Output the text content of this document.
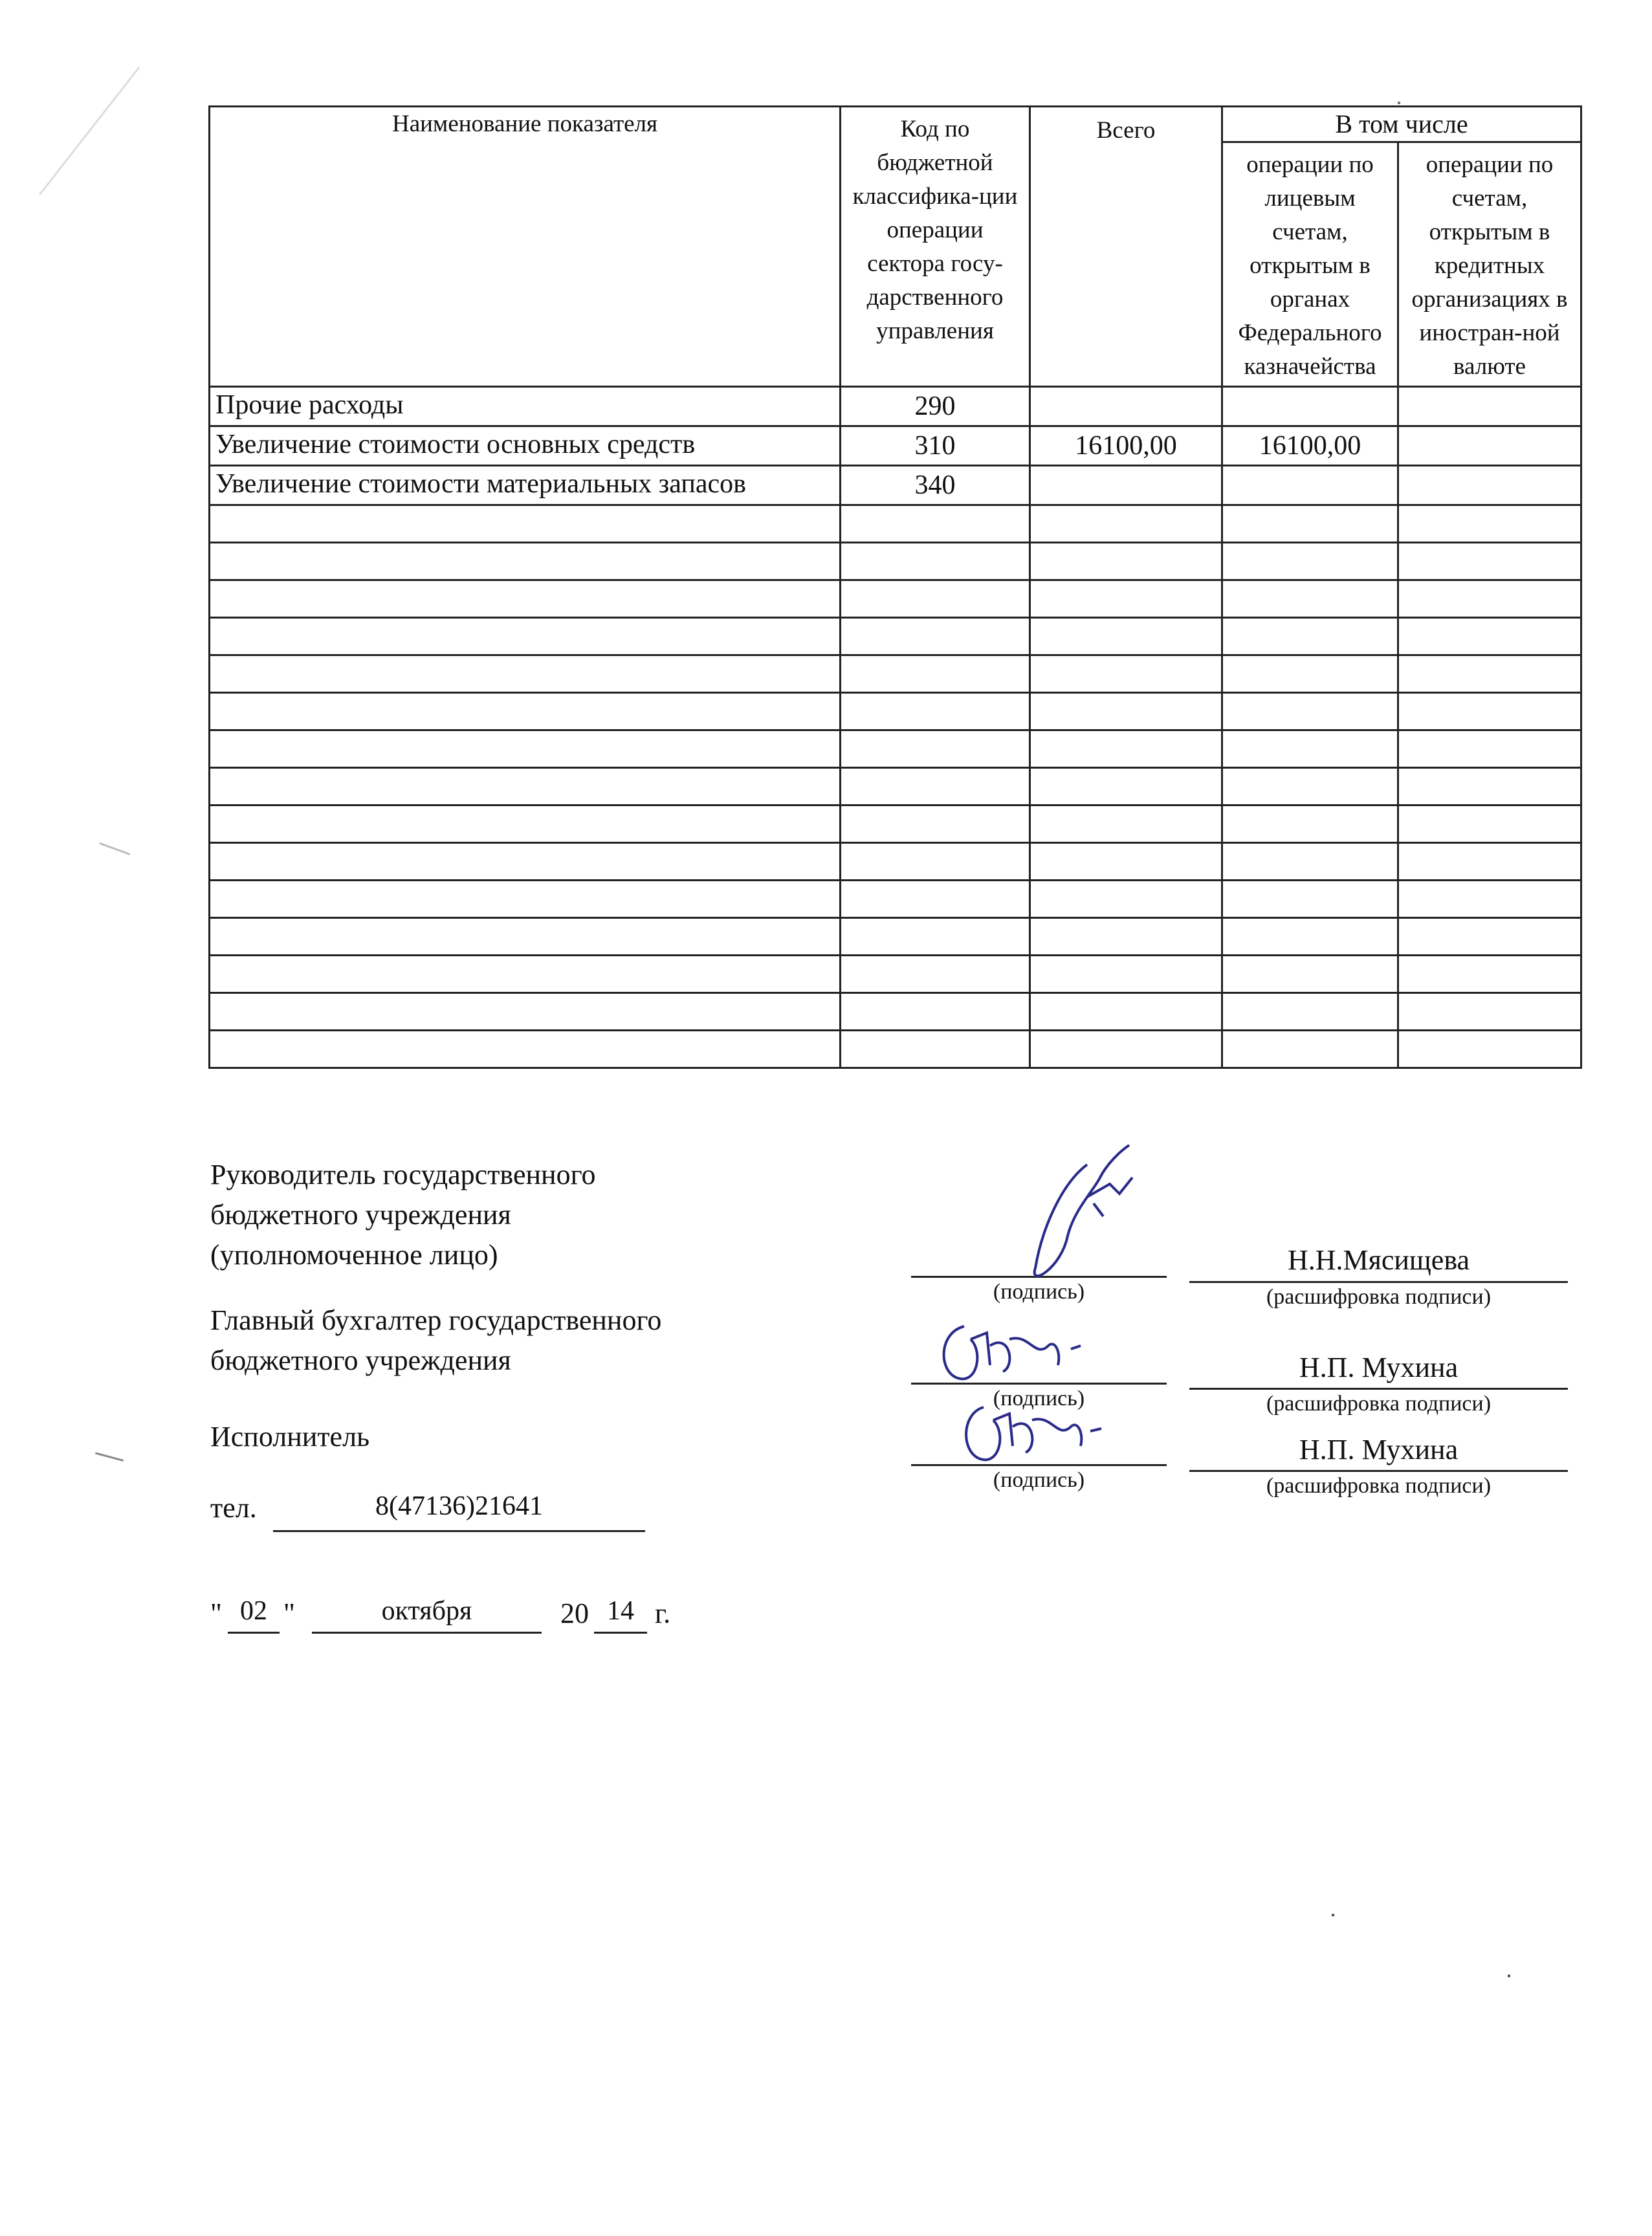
Наименование показателя	Код по бюджетной классифика-ции операции сектора госу-дарственного управления	Всего	В том числе	

			операции по лицевым счетам, открытым в органах Федерального казначейства	операции по счетам, открытым в кредитных организациях в иностран-ной валюте

Прочие расходы	290			
Увеличение стоимости основных средств	310	16100,00	16100,00	
Увеличение стоимости материальных запасов	340			

Руководитель государственного
бюджетного учреждения
(уполномоченное лицо)
Главный бухгалтер государственного
бюджетного учреждения
Исполнитель
(подпись)
Н.Н.Мясищева
(расшифровка подписи)
(подпись)
Н.П. Мухина
(расшифровка подписи)
(подпись)
Н.П. Мухина
(расшифровка подписи)
тел.	8(47136)21641
" 02 "	октября	20 14 г.
